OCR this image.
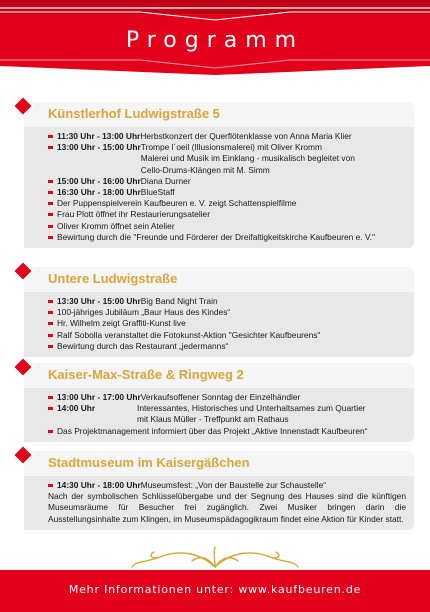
Programm
Künstlerhof Ludwigstraße 5
11:30 Uhr - 13:00 Uhr Herbstkonzert der Querflötenklasse von Anna Maria Klier
13:00 Uhr - 15:00 Uhr Trompe l´oeil (Illusionsmalerei) mit Oliver Kromm
Malerei und Musik im Einklang - musikalisch begleitet von
Cello-Drums-Klängen mit M. Simm
15:00 Uhr - 16:00 Uhr Diana Durner
16:30 Uhr - 18:00 Uhr BlueStaff
Der Puppenspielverein Kaufbeuren e. V. zeigt Schattenspielfilme
Frau Plott öffnet ihr Restaurierungsatelier
Oliver Kromm öffnet sein Atelier
Bewirtung durch die "Freunde und Förderer der Dreifaltigkeitskirche Kaufbeuren e. V."
Untere Ludwigstraße
13:30 Uhr - 15:00 Uhr Big Band Night Train
100-jähriges Jubiläum „Baur Haus des Kindes“
Hr. Wilhelm zeigt Graffiti-Kunst live
Ralf Sobolla veranstaltet die Fotokunst-Aktion "Gesichter Kaufbeurens"
Bewirtung durch das Restaurant „jedermanns“
Kaiser-Max-Straße & Ringweg 2
13:00 Uhr - 17:00 Uhr Verkaufsoffener Sonntag der Einzelhändler
14:00 Uhr	Interessantes, Historisches und Unterhaltsames zum Quartier
mit Klaus Müller - Treffpunkt am Rathaus
Das Projektmanagement informiert über das Projekt „Aktive Innenstadt Kaufbeuren“
Stadtmuseum im Kaisergäßchen
14:30 Uhr - 18:00 Uhr Museumsfest: „Von der Baustelle zur Schaustelle“
Nach der symbolischen Schlüsselübergabe und der Segnung des Hauses sind die künftigen Museumsräume für Besucher frei zugänglich. Zwei Musiker bringen darin die Ausstellungsinhalte zum Klingen, im Museumspädagogikraum findet eine Aktion für Kinder statt.
Mehr Informationen unter: www.kaufbeuren.de
